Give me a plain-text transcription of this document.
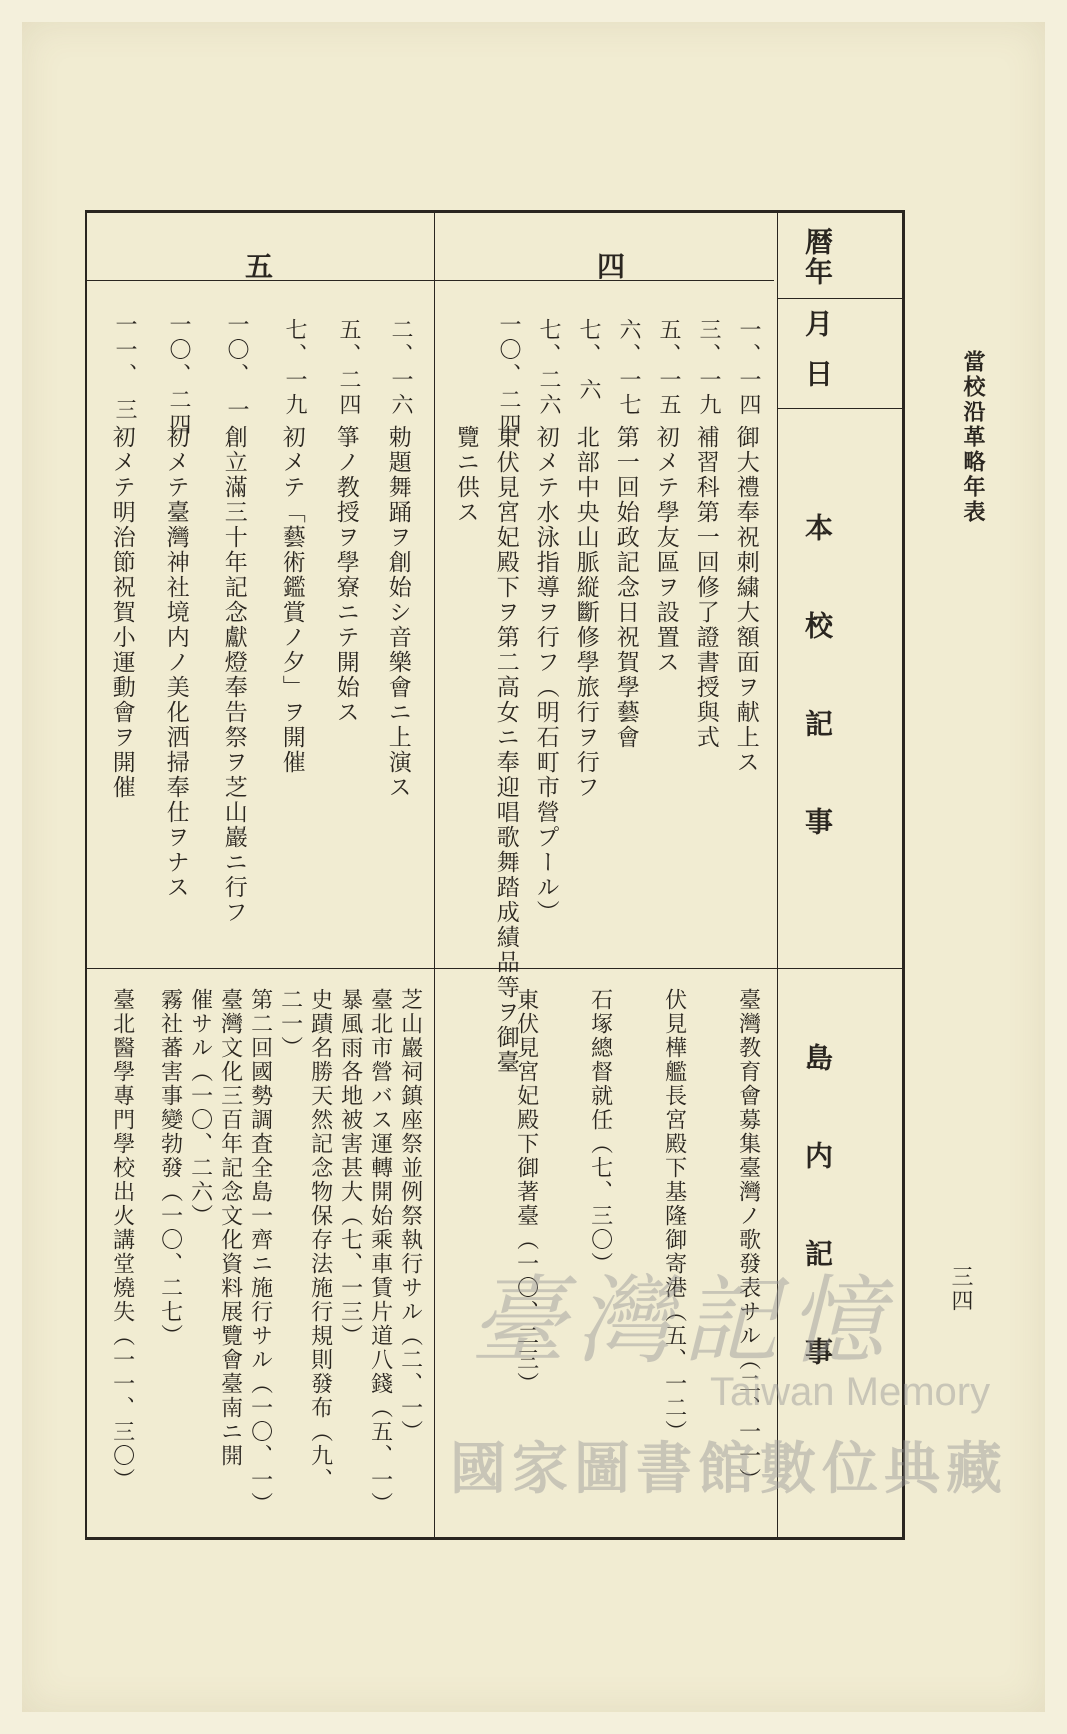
當校沿革略年表
三四
暦年
月日
本校記事
島内記事
四
五
一、一四
御大禮奉祝刺繍大額面ヲ献上ス
三、一九
補習科第一回修了證書授與式
五、一五
初メテ學友區ヲ設置ス
六、一七
第一回始政記念日祝賀學藝會
七、 六
北部中央山脈縦斷修學旅行ヲ行フ
七、二六
初メテ水泳指導ヲ行フ（明石町市營プール）
一〇、二四
東伏見宮妃殿下ヲ第二高女ニ奉迎唱歌舞踏成績品等ヲ御臺
覽ニ供ス
二、一六
勅題舞踊ヲ創始シ音樂會ニ上演ス
五、二四
箏ノ教授ヲ學寮ニテ開始ス
七、一九
初メテ「藝術鑑賞ノ夕」ヲ開催
一〇、 一
創立滿三十年記念獻燈奉告祭ヲ芝山巖ニ行フ
一〇、二四
初メテ臺灣神社境内ノ美化洒掃奉仕ヲナス
一一、 三
初メテ明治節祝賀小運動會ヲ開催
臺灣教育會募集臺灣ノ歌發表サル（二、一一）
伏見樺艦長宮殿下基隆御寄港（五、一二）
石塚總督就任（七、三〇）
東伏見宮妃殿下御著臺（一〇、二三）
芝山巖祠鎮座祭並例祭執行サル（二、一）
臺北市營バス運轉開始乘車賃片道八錢（五、一）
暴風雨各地被害甚大（七、一三）
史蹟名勝天然記念物保存法施行規則發布（九、
二一）
第二回國勢調査全島一齊ニ施行サル（一〇、一）
臺灣文化三百年記念文化資料展覽會臺南ニ開
催サル（一〇、二六）
霧社蕃害事變勃發（一〇、二七）
臺北醫學專門學校出火講堂燒失（一一、三〇）	臺灣記憶
Taiwan Memory
國家圖書館數位典藏
